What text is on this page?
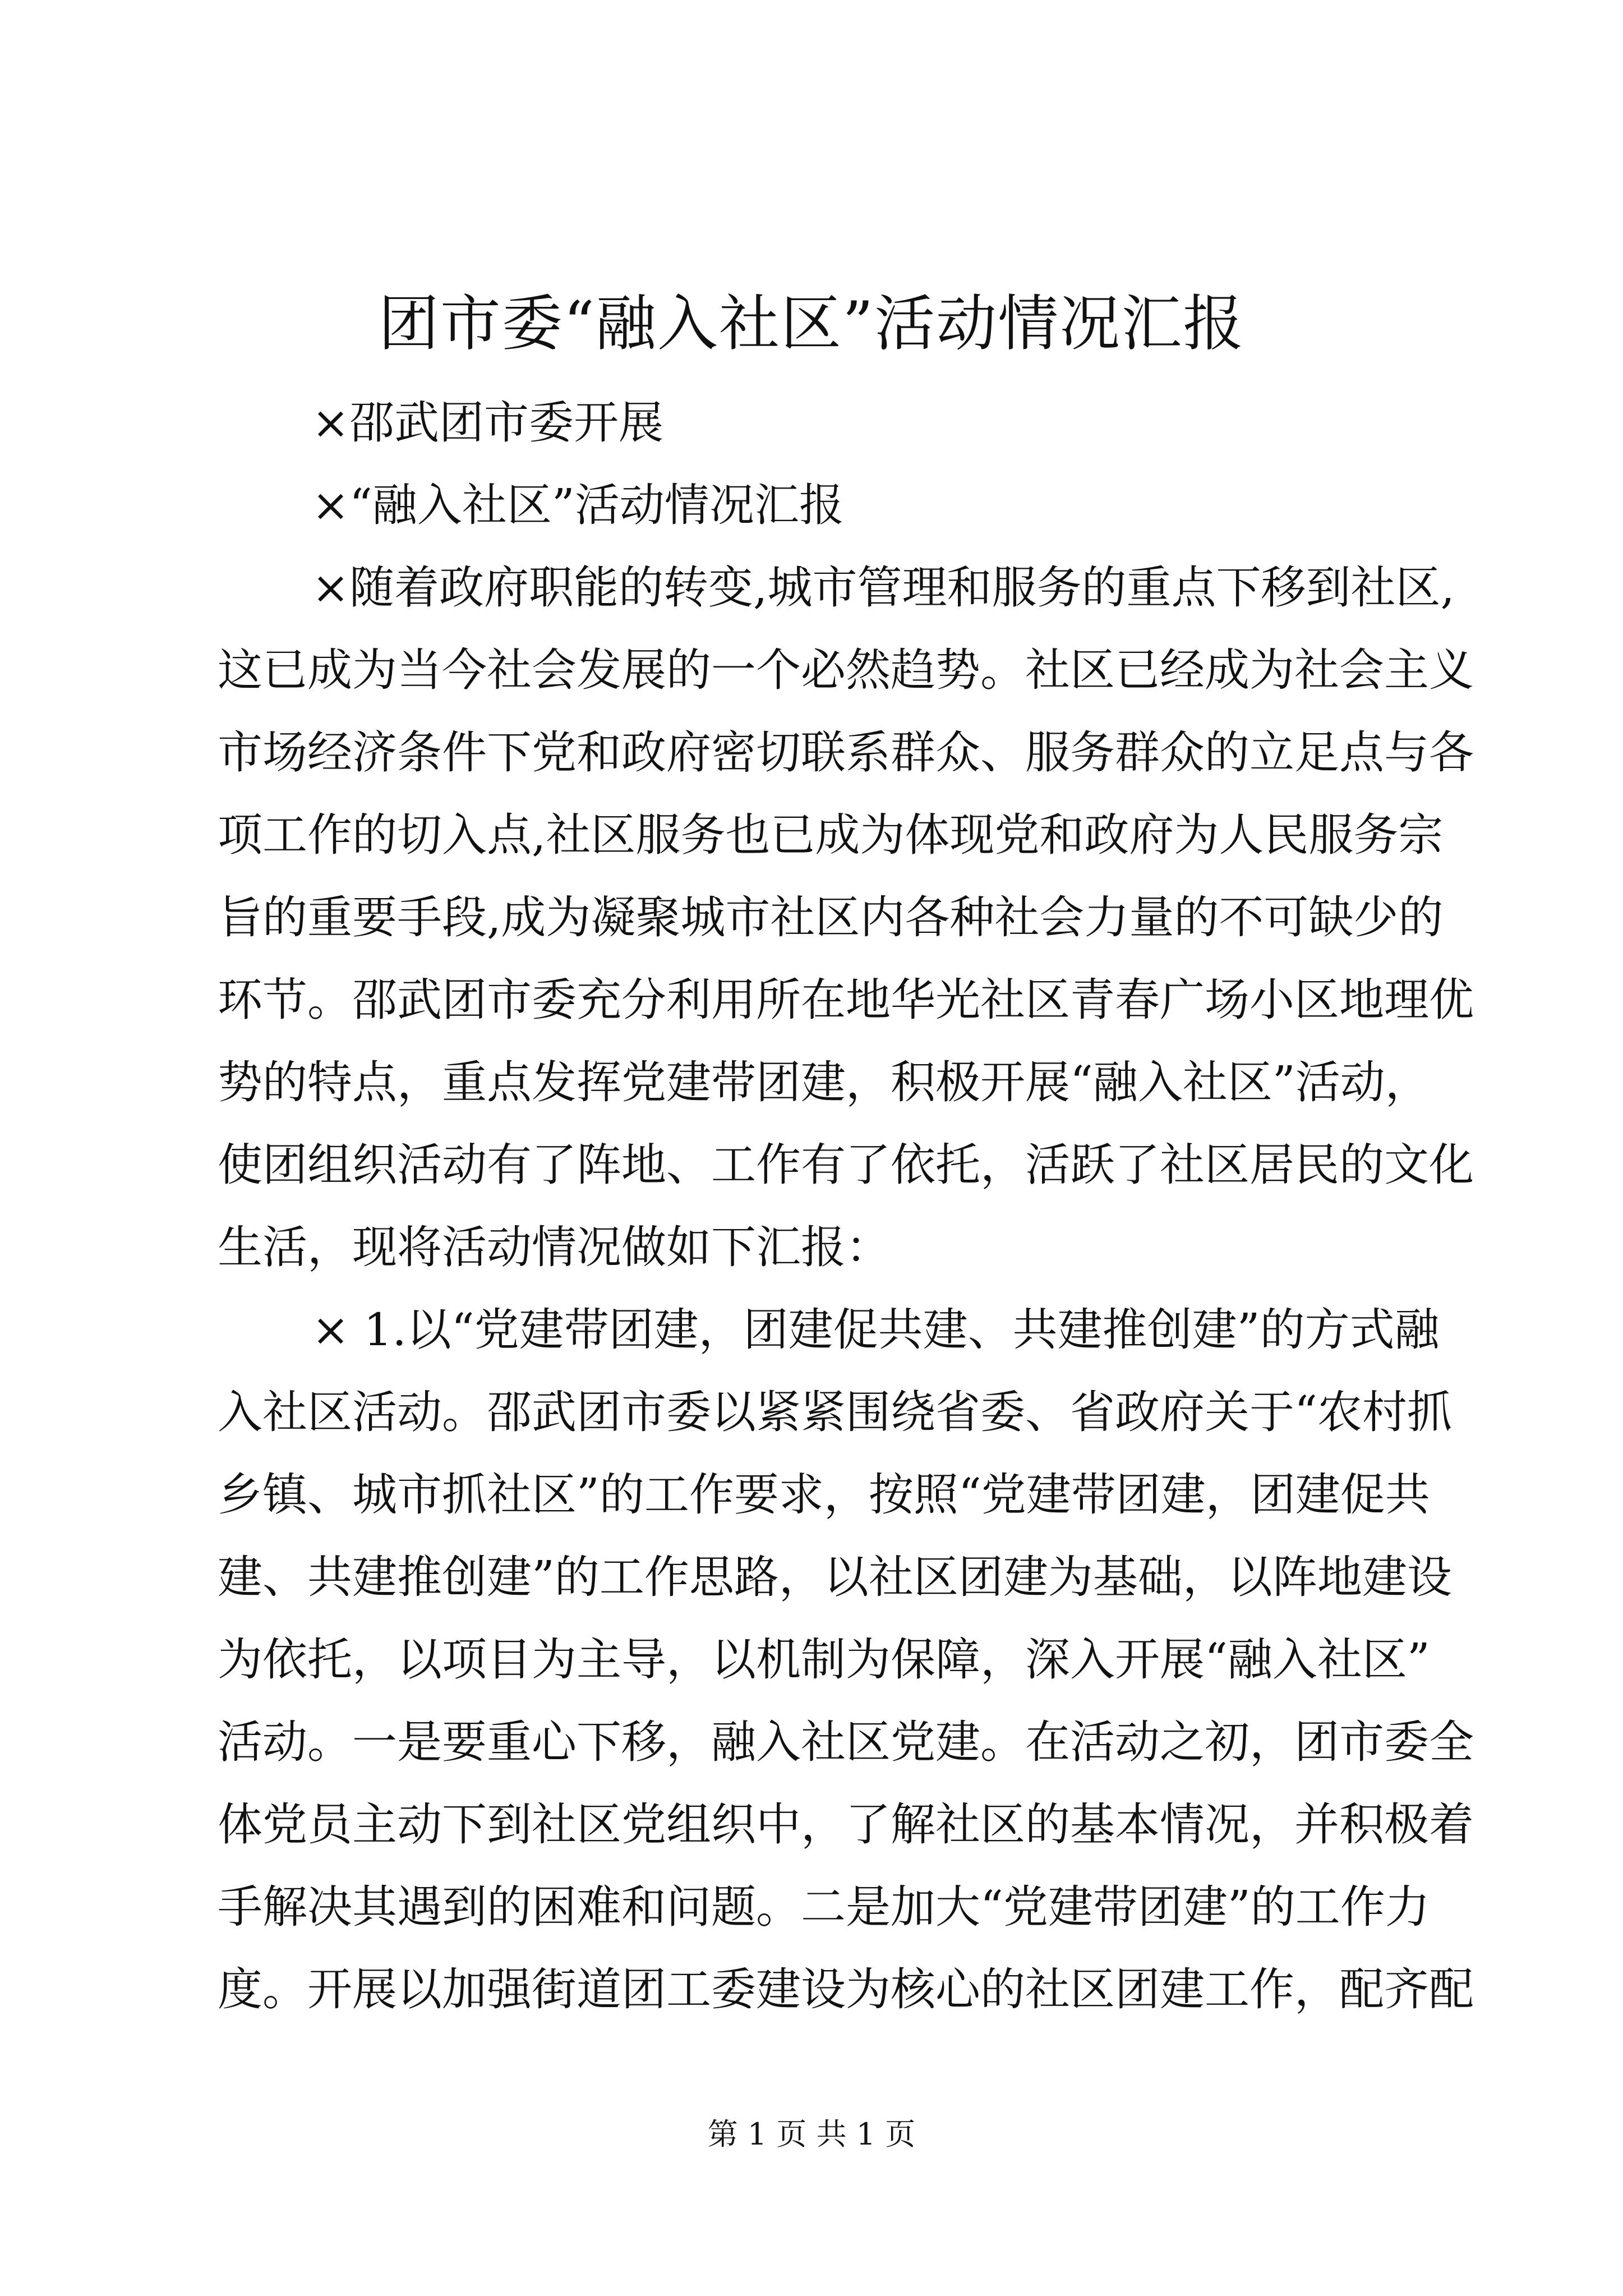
团市委“融入社区”活动情况汇报
×邵武团市委开展
×“融入社区”活动情况汇报
×随着政府职能的转变,城市管理和服务的重点下移到社区,
这已成为当今社会发展的一个必然趋势。社区已经成为社会主义
市场经济条件下党和政府密切联系群众、服务群众的立足点与各
项工作的切入点,社区服务也已成为体现党和政府为人民服务宗
旨的重要手段,成为凝聚城市社区内各种社会力量的不可缺少的
环节。邵武团市委充分利用所在地华光社区青春广场小区地理优
势的特点，重点发挥党建带团建，积极开展“融入社区”活动，
使团组织活动有了阵地、工作有了依托，活跃了社区居民的文化
生活，现将活动情况做如下汇报：
× 1.以“党建带团建，团建促共建、共建推创建”的方式融
入社区活动。邵武团市委以紧紧围绕省委、省政府关于“农村抓
乡镇、城市抓社区”的工作要求，按照“党建带团建，团建促共
建、共建推创建”的工作思路，以社区团建为基础，以阵地建设
为依托，以项目为主导，以机制为保障，深入开展“融入社区”
活动。一是要重心下移，融入社区党建。在活动之初，团市委全
体党员主动下到社区党组织中，了解社区的基本情况，并积极着
手解决其遇到的困难和问题。二是加大“党建带团建”的工作力
度。开展以加强街道团工委建设为核心的社区团建工作，配齐配
第 1 页 共 1 页
